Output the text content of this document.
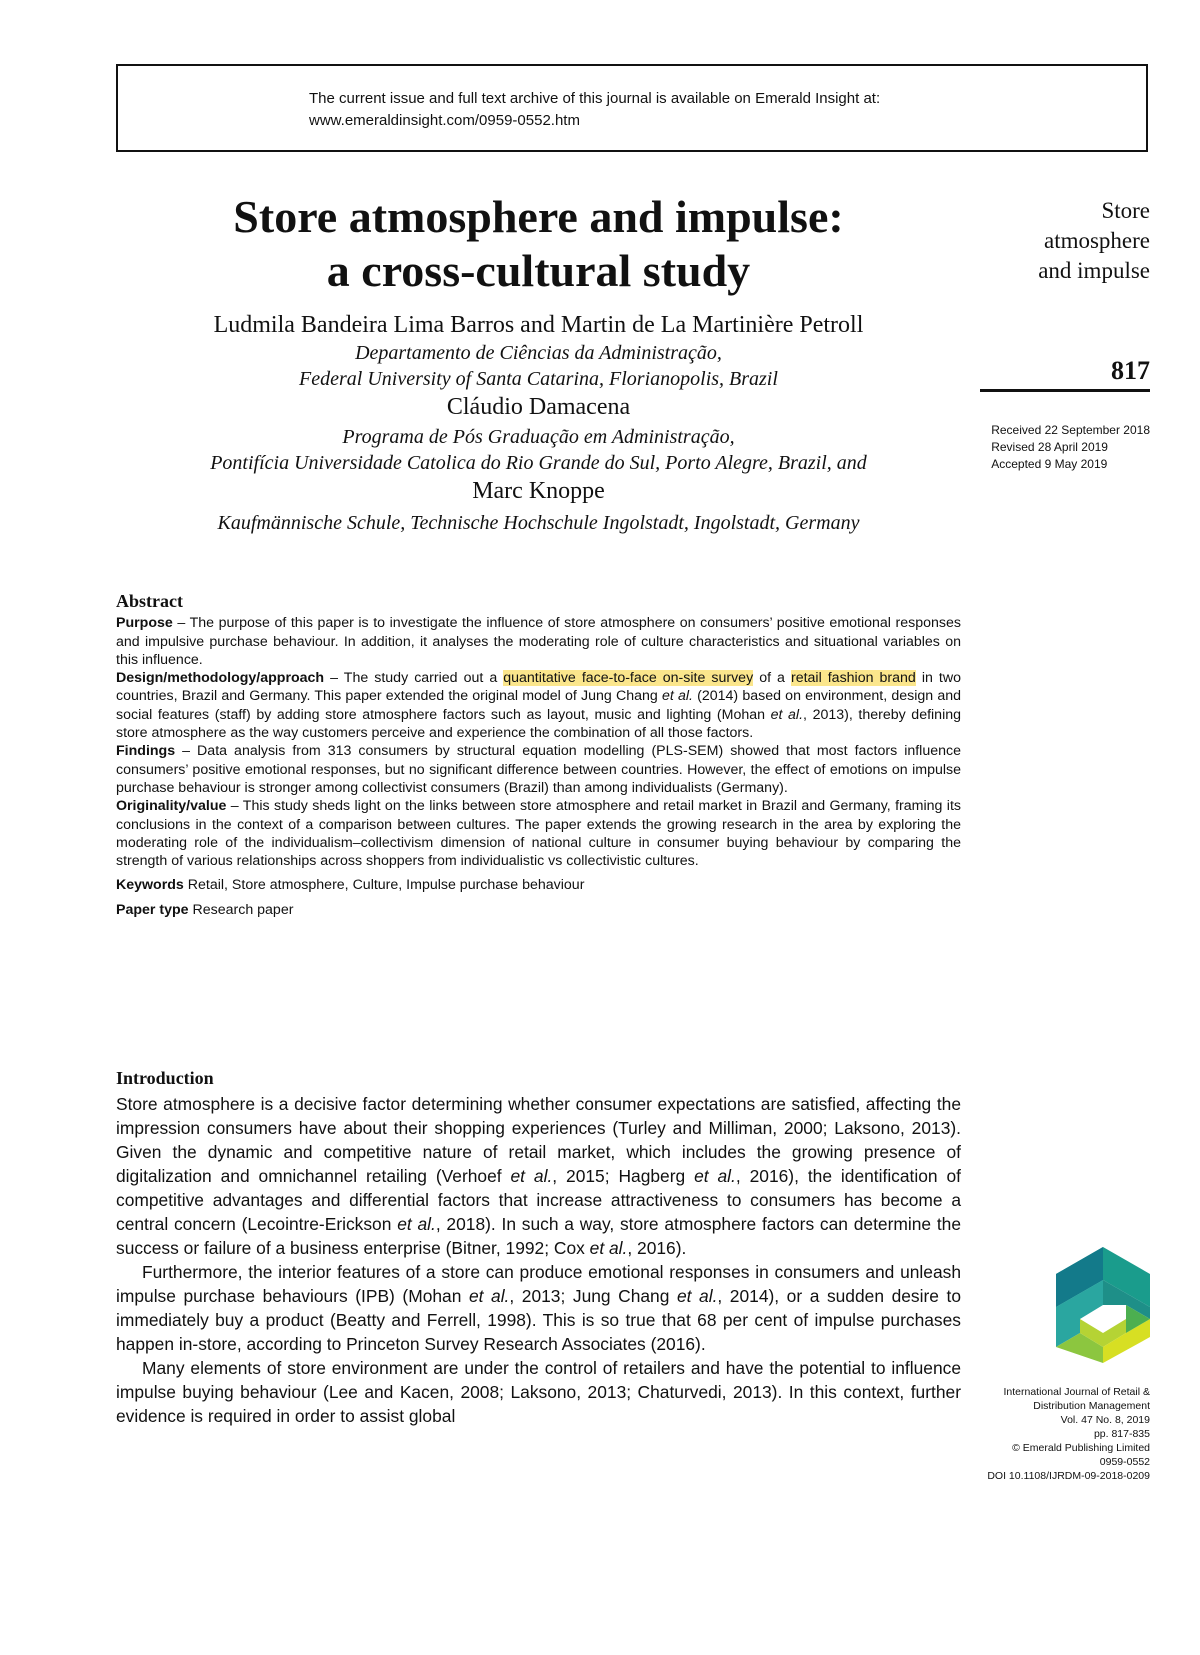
The current issue and full text archive of this journal is available on Emerald Insight at:
www.emeraldinsight.com/0959-0552.htm
Store
atmosphere
and impulse
817
Received 22 September 2018
Revised 28 April 2019
Accepted 9 May 2019
Store atmosphere and impulse:
a cross-cultural study
Ludmila Bandeira Lima Barros and Martin de La Martinière Petroll
Departamento de Ciências da Administração,
Federal University of Santa Catarina, Florianopolis, Brazil
Cláudio Damacena
Programa de Pós Graduação em Administração,
Pontifícia Universidade Catolica do Rio Grande do Sul, Porto Alegre, Brazil, and
Marc Knoppe
Kaufmännische Schule, Technische Hochschule Ingolstadt, Ingolstadt, Germany
Abstract

Purpose – The purpose of this paper is to investigate the influence of store atmosphere on consumers’ positive emotional responses and impulsive purchase behaviour. In addition, it analyses the moderating role of culture characteristics and situational variables on this influence.

Design/methodology/approach – The study carried out a quantitative face-to-face on-site survey of a retail fashion brand in two countries, Brazil and Germany. This paper extended the original model of Jung Chang et al. (2014) based on environment, design and social features (staff) by adding store atmosphere factors such as layout, music and lighting (Mohan et al., 2013), thereby defining store atmosphere as the way customers perceive and experience the combination of all those factors.

Findings – Data analysis from 313 consumers by structural equation modelling (PLS-SEM) showed that most factors influence consumers’ positive emotional responses, but no significant difference between countries. However, the effect of emotions on impulse purchase behaviour is stronger among collectivist consumers (Brazil) than among individualists (Germany).

Originality/value – This study sheds light on the links between store atmosphere and retail market in Brazil and Germany, framing its conclusions in the context of a comparison between cultures. The paper extends the growing research in the area by exploring the moderating role of the individualism–collectivism dimension of national culture in consumer buying behaviour by comparing the strength of various relationships across shoppers from individualistic vs collectivistic cultures.

Keywords Retail, Store atmosphere, Culture, Impulse purchase behaviour

Paper type Research paper

Introduction

Store atmosphere is a decisive factor determining whether consumer expectations are satisfied, affecting the impression consumers have about their shopping experiences (Turley and Milliman, 2000; Laksono, 2013). Given the dynamic and competitive nature of retail market, which includes the growing presence of digitalization and omnichannel retailing (Verhoef et al., 2015; Hagberg et al., 2016), the identification of competitive advantages and differential factors that increase attractiveness to consumers has become a central concern (Lecointre-Erickson et al., 2018). In such a way, store atmosphere factors can determine the success or failure of a business enterprise (Bitner, 1992; Cox et al., 2016).

Furthermore, the interior features of a store can produce emotional responses in consumers and unleash impulse purchase behaviours (IPB) (Mohan et al., 2013; Jung Chang et al., 2014), or a sudden desire to immediately buy a product (Beatty and Ferrell, 1998). This is so true that 68 per cent of impulse purchases happen in-store, according to Princeton Survey Research Associates (2016).

Many elements of store environment are under the control of retailers and have the potential to influence impulse buying behaviour (Lee and Kacen, 2008; Laksono, 2013; Chaturvedi, 2013). In this context, further evidence is required in order to assist global

International Journal of Retail &
Distribution Management
Vol. 47 No. 8, 2019
pp. 817-835
© Emerald Publishing Limited
0959-0552
DOI 10.1108/IJRDM-09-2018-0209
